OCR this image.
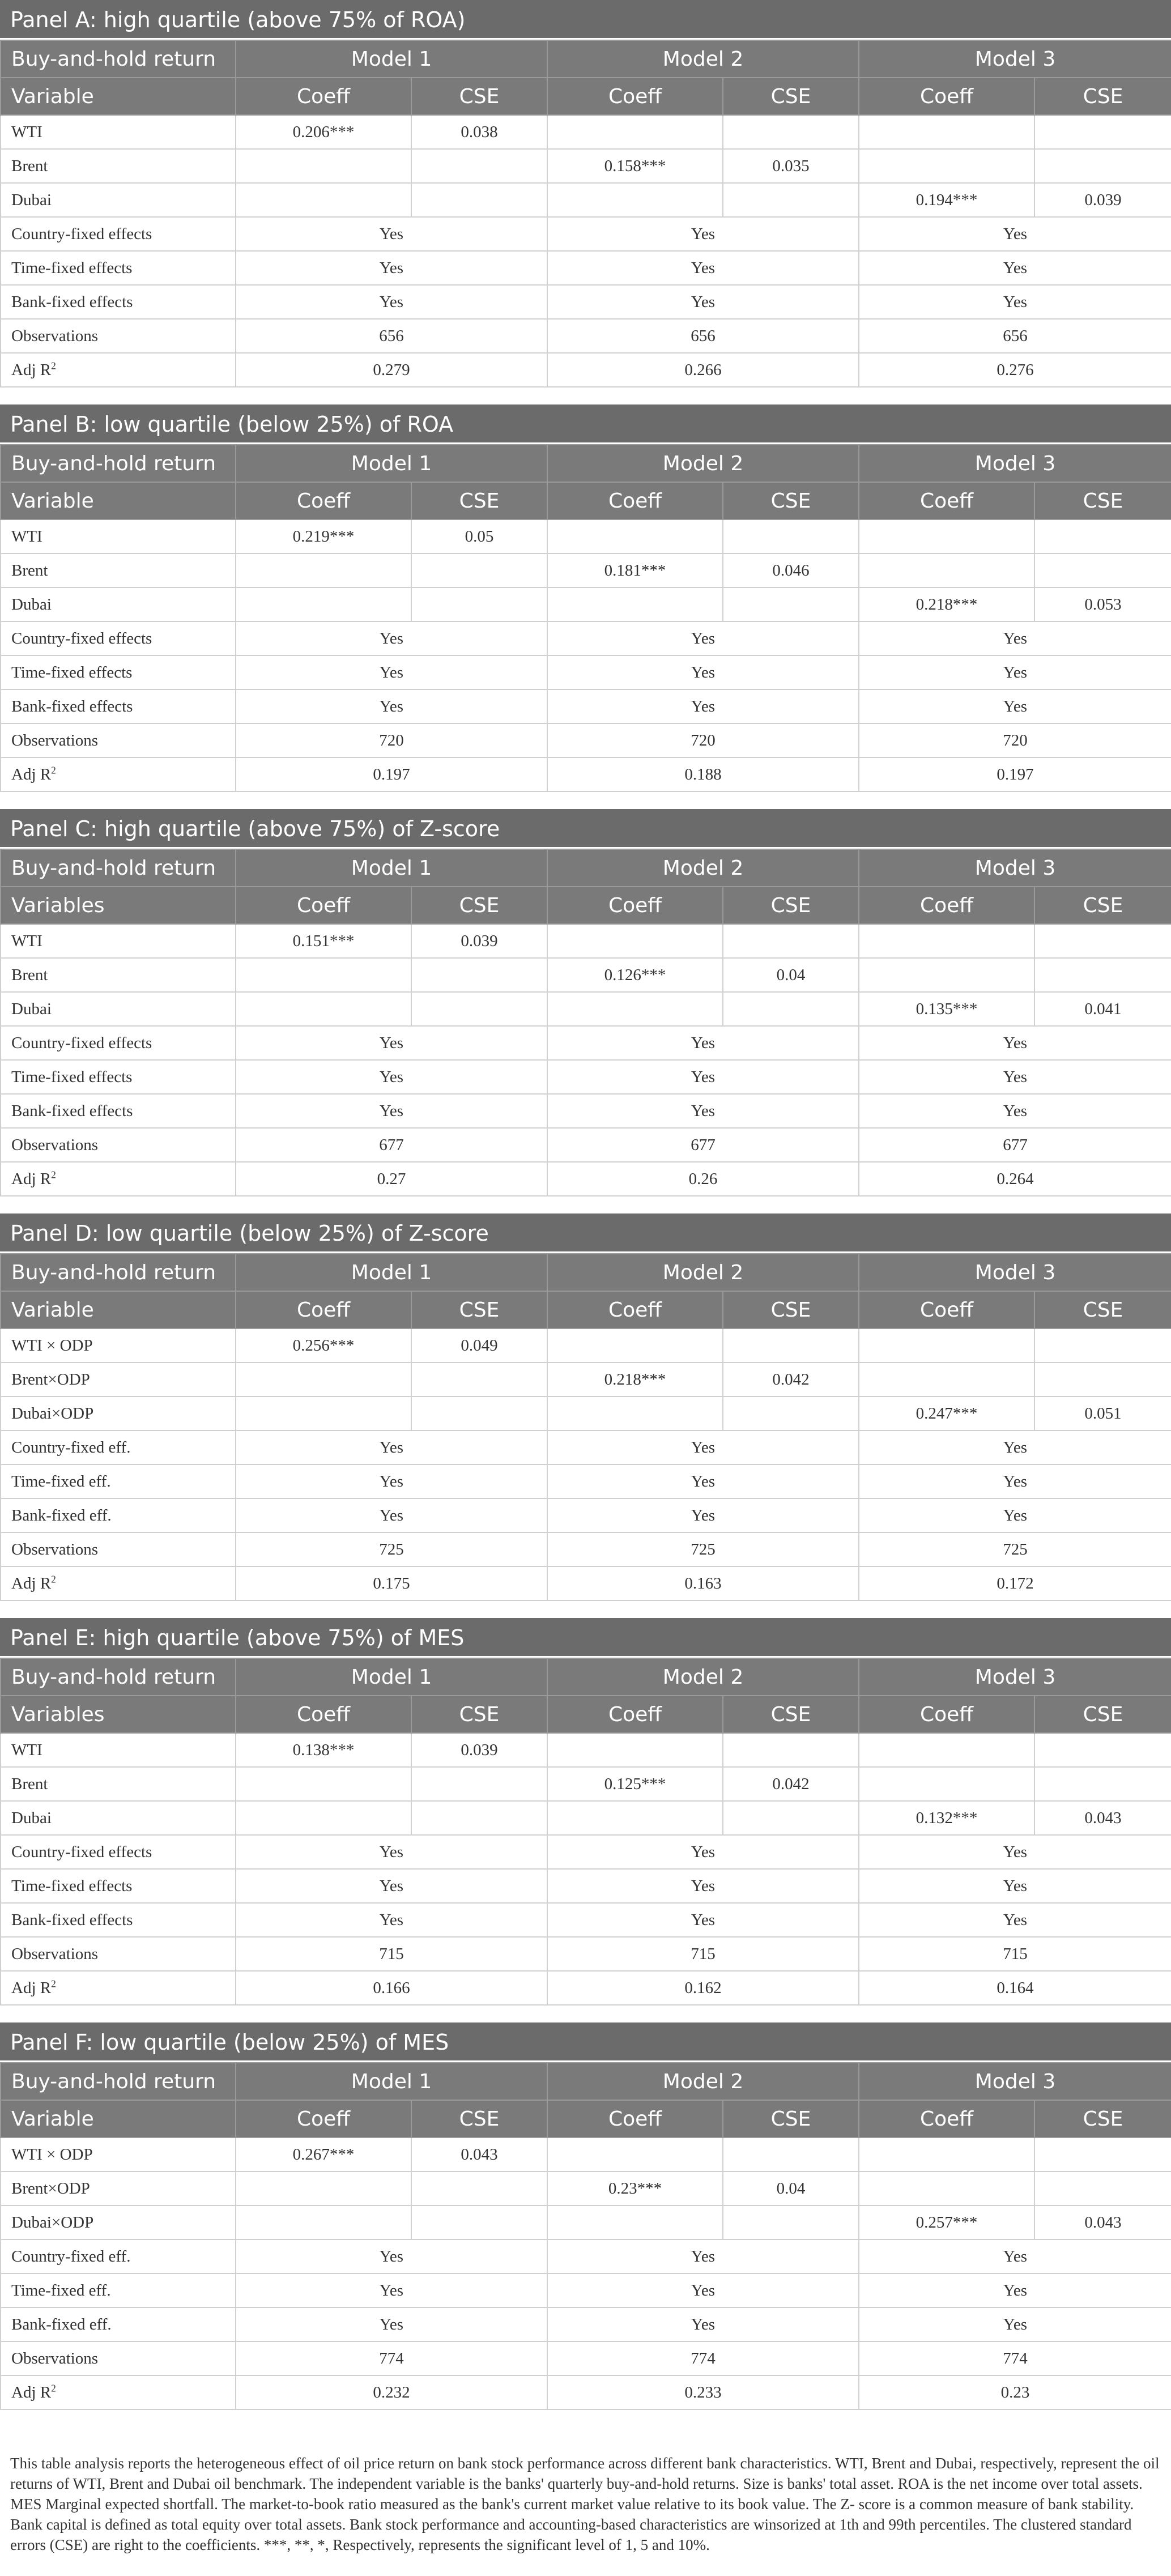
Panel A: high quartile (above 75% of ROA)
Buy-and-hold return	Model 1		Model 2		Model 3	
Variable	Coeff	CSE	Coeff	CSE	Coeff	CSE
WTI	0.206***	0.038				
Brent			0.158***	0.035		
Dubai					0.194***	0.039
Country-fixed effects	Yes		Yes		Yes	
Time-fixed effects	Yes		Yes		Yes	
Bank-fixed effects	Yes		Yes		Yes	
Observations	656		656		656	
Adj $R^2$	0.279		0.266		0.276	
Panel B: low quartile (below 25%) of ROA
Buy-and-hold return	Model 1		Model 2		Model 3	
Variable	Coeff	CSE	Coeff	CSE	Coeff	CSE
WTI	0.219***	0.05				
Brent			0.181***	0.046		
Dubai					0.218***	0.053
Country-fixed effects	Yes		Yes		Yes	
Time-fixed effects	Yes		Yes		Yes	
Bank-fixed effects	Yes		Yes		Yes	
Observations	720		720		720	
Adj $R^2$	0.197		0.188		0.197	
Panel C: high quartile (above 75%) of Z-score
Buy-and-hold return	Model 1		Model 2		Model 3	
Variables	Coeff	CSE	Coeff	CSE	Coeff	CSE
WTI	0.151***	0.039				
Brent			0.126***	0.04		
Dubai					0.135***	0.041
Country-fixed effects	Yes		Yes		Yes	
Time-fixed effects	Yes		Yes		Yes	
Bank-fixed effects	Yes		Yes		Yes	
Observations	677		677		677	
Adj $R^2$	0.27		0.26		0.264	
Panel D: low quartile (below 25%) of Z-score
Buy-and-hold return	Model 1		Model 2		Model 3	
Variable	Coeff	CSE	Coeff	CSE	Coeff	CSE
WTI × ODP	0.256***	0.049				
Brent×ODP			0.218***	0.042		
Dubai×ODP					0.247***	0.051
Country-fixed eff.	Yes		Yes		Yes	
Time-fixed eff.	Yes		Yes		Yes	
Bank-fixed eff.	Yes		Yes		Yes	
Observations	725		725		725	
Adj $R^2$	0.175		0.163		0.172	
Panel E: high quartile (above 75%) of MES
Buy-and-hold return	Model 1		Model 2		Model 3	
Variables	Coeff	CSE	Coeff	CSE	Coeff	CSE
WTI	0.138***	0.039				
Brent			0.125***	0.042		
Dubai					0.132***	0.043
Country-fixed effects	Yes		Yes		Yes	
Time-fixed effects	Yes		Yes		Yes	
Bank-fixed effects	Yes		Yes		Yes	
Observations	715		715		715	
Adj $R^2$	0.166		0.162		0.164	
Panel F: low quartile (below 25%) of MES
Buy-and-hold return	Model 1		Model 2		Model 3	
Variable	Coeff	CSE	Coeff	CSE	Coeff	CSE
WTI × ODP	0.267***	0.043				
Brent×ODP			0.23***	0.04		
Dubai×ODP					0.257***	0.043
Country-fixed eff.	Yes		Yes		Yes	
Time-fixed eff.	Yes		Yes		Yes	
Bank-fixed eff.	Yes		Yes		Yes	
Observations	774		774		774	
Adj $R^2$	0.232		0.233		0.23	
This table analysis reports the heterogeneous effect of oil price return on bank stock performance across different bank characteristics. WTI, Brent and Dubai, respectively, represent the oil returns of WTI, Brent and Dubai oil benchmark. The independent variable is the banks' quarterly buy-and-hold returns. Size is banks' total asset. ROA is the net income over total assets. MES Marginal expected shortfall. The market-to-book ratio measured as the bank's current market value relative to its book value. The Z- score is a common measure of bank stability. Bank capital is defined as total equity over total assets. Bank stock performance and accounting-based characteristics are winsorized at 1th and 99th percentiles. The clustered standard errors (CSE) are right to the coefficients. ***, **, *, Respectively, represents the significant level of 1, 5 and 10%.
